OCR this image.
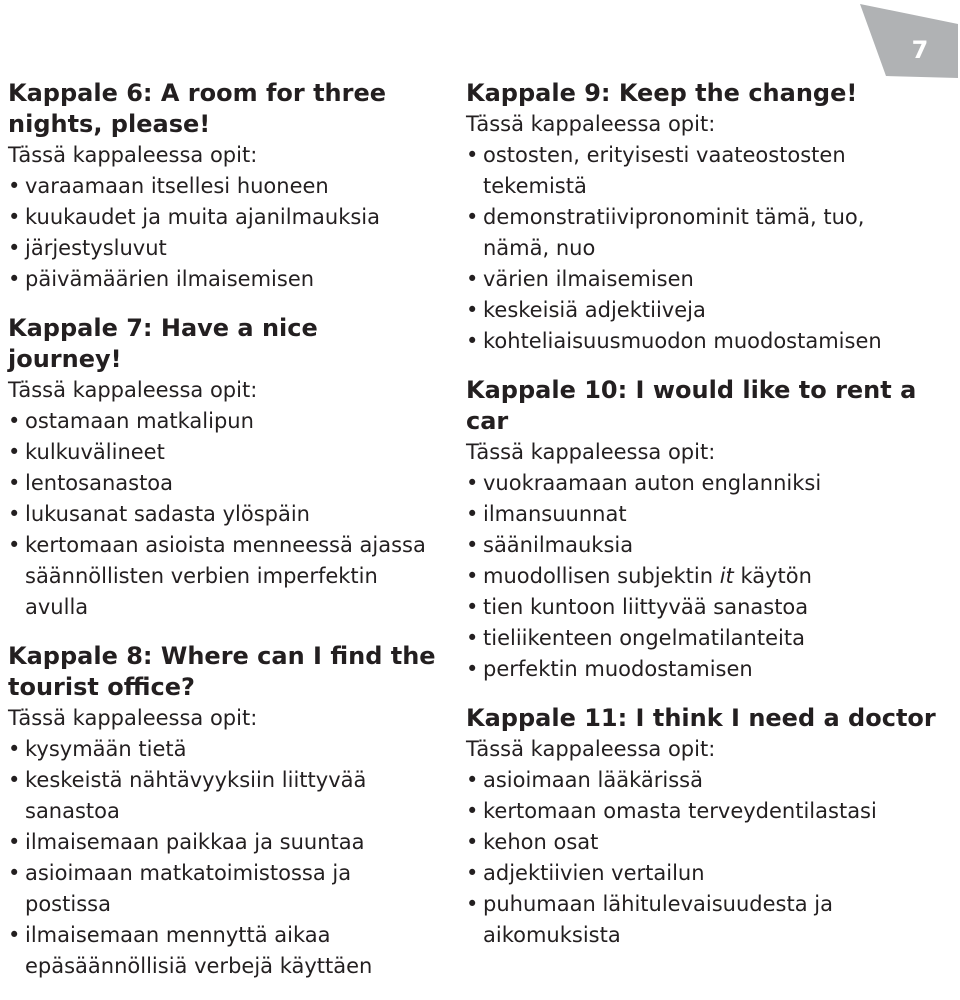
7
Kappale 6: A room for three nights, please!

Tässä kappaleessa opit:

• varaamaan itsellesi huoneen
• kuukaudet ja muita ajanilmauksia
• järjestysluvut
• päivämäärien ilmaisemisen
Kappale 7: Have a nice journey!

Tässä kappaleessa opit:

• ostamaan matkalipun
• kulkuvälineet
• lentosanastoa
• lukusanat sadasta ylöspäin
• kertomaan asioista menneessä ajassa säännöllisten verbien imperfektin avulla
Kappale 8: Where can I find the tourist office?

Tässä kappaleessa opit:

• kysymään tietä
• keskeistä nähtävyyksiin liittyvää sanastoa
• ilmaisemaan paikkaa ja suuntaa
• asioimaan matkatoimistossa ja postissa
• ilmaisemaan mennyttä aikaa epäsäännöllisiä verbejä käyttäen
Kappale 9: Keep the change!

Tässä kappaleessa opit:

• ostosten, erityisesti vaateostosten tekemistä
• demonstratiivipronominit tämä, tuo, nämä, nuo
• värien ilmaisemisen
• keskeisiä adjektiiveja
• kohteliaisuusmuodon muodostamisen
Kappale 10: I would like to rent a car

Tässä kappaleessa opit:

• vuokraamaan auton englanniksi
• ilmansuunnat
• säänilmauksia
• muodollisen subjektin it käytön
• tien kuntoon liittyvää sanastoa
• tieliikenteen ongelmatilanteita
• perfektin muodostamisen
Kappale 11: I think I need a doctor

Tässä kappaleessa opit:

• asioimaan lääkärissä
• kertomaan omasta terveydentilastasi
• kehon osat
• adjektiivien vertailun
• puhumaan lähitulevaisuudesta ja aikomuksista
